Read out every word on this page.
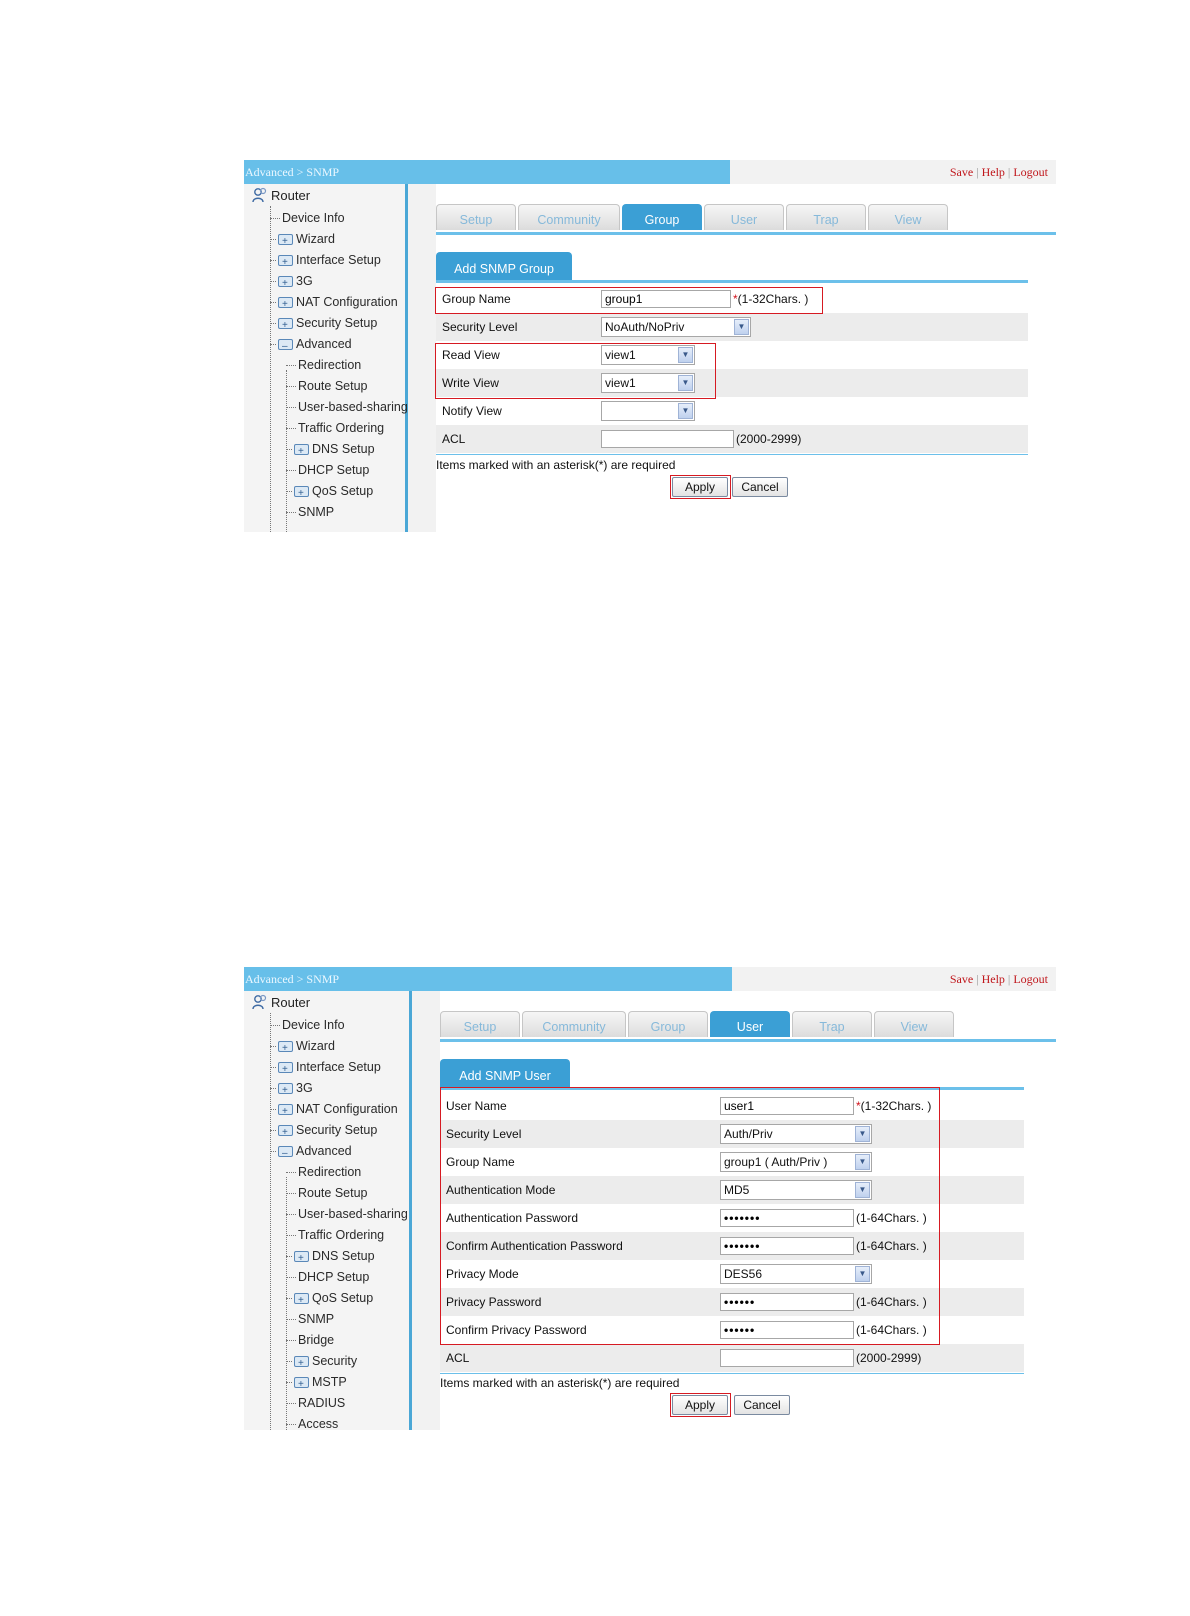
Advanced > SNMP	Save | Help | Logout
Router
Device Info
+
Wizard
+
Interface Setup
+
3G
+
NAT Configuration
+
Security Setup
–
Advanced
Redirection
Route Setup
User-based-sharing
Traffic Ordering
+
DNS Setup
DHCP Setup
+
QoS Setup
SNMP
Setup	Community	Group	User	Trap	View
Add SNMP Group
Group Name	group1*(1-32Chars. )
Security Level	NoAuth/NoPriv ▼

Read View	view1 ▼

Write View	view1 ▼

Notify View	▼

ACL	(2000-2999)
Items marked with an asterisk(*) are required
Apply	Cancel
Advanced > SNMP	Save | Help | Logout
Router
Device Info
+
Wizard
+
Interface Setup
+
3G
+
NAT Configuration
+
Security Setup
–
Advanced
Redirection
Route Setup
User-based-sharing
Traffic Ordering
+
DNS Setup
DHCP Setup
+
QoS Setup
SNMP
Bridge
+
Security
+
MSTP
RADIUS
Access
Setup	Community	Group	User	Trap	View
Add SNMP User
User Name	user1*(1-32Chars. )
Security Level	Auth/Priv ▼

Group Name	group1 ( Auth/Priv ) ▼

Authentication Mode	MD5 ▼

Authentication Password	•••••••(1-64Chars. )
Confirm Authentication Password	•••••••(1-64Chars. )
Privacy Mode	DES56 ▼

Privacy Password	••••••(1-64Chars. )
Confirm Privacy Password	••••••(1-64Chars. )
ACL	(2000-2999)
Items marked with an asterisk(*) are required
Apply	Cancel
